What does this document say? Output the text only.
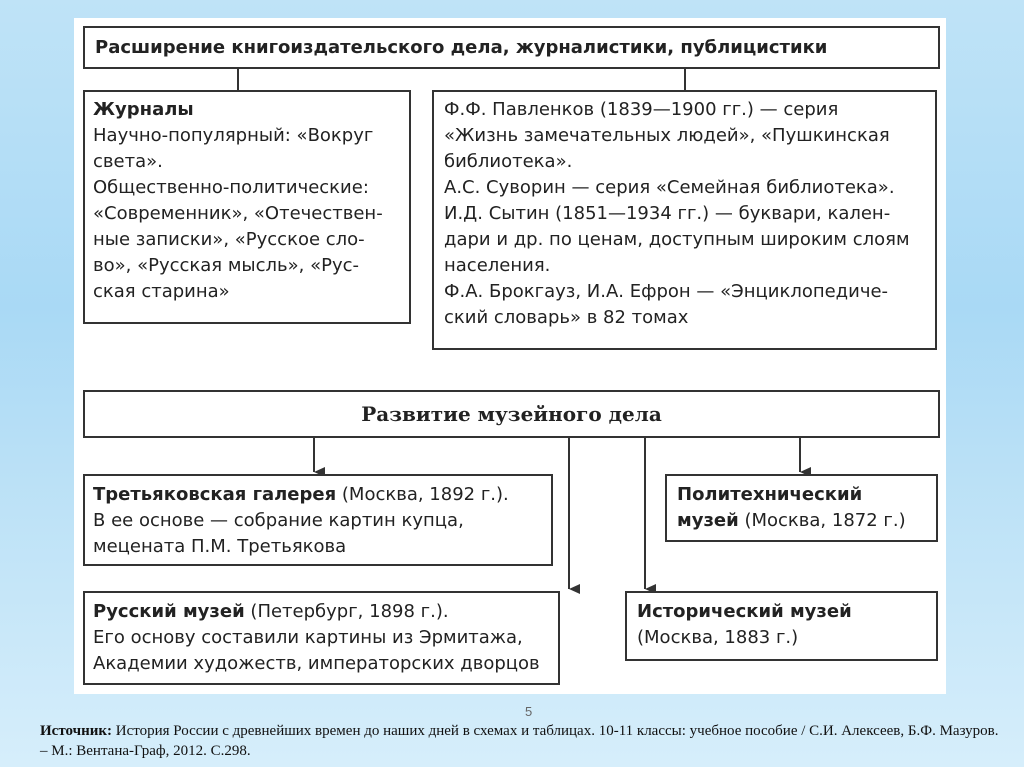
Расширение книгоиздательского дела, журналистики, публицистики

Журналы

Научно-популярный: «Вокруг

света».

Общественно-политические:

«Современник», «Отечествен-

ные записки», «Русское сло-

во», «Русская мысль», «Рус-

ская старина»

Ф.Ф. Павленков (1839—1900 гг.) — серия

«Жизнь замечательных людей», «Пушкинская

библиотека».

А.С. Суворин — серия «Семейная библиотека».

И.Д. Сытин (1851—1934 гг.) — буквари, кален-

дари и др. по ценам, доступным широким слоям

населения.

Ф.А. Брокгауз, И.А. Ефрон — «Энциклопедиче-

ский словарь» в 82 томах

Развитие музейного дела

Третьяковская галерея (Москва, 1892 г.).

В ее основе — собрание картин купца,

мецената П.М. Третьякова

Политехнический

музей (Москва, 1872 г.)

Русский музей (Петербург, 1898 г.).

Его основу составили картины из Эрмитажа,

Академии художеств, императорских дворцов

Исторический музей

(Москва, 1883 г.)

5
Источник: История России с древнейших времен до наших дней в схемах и таблицах. 10-11 классы: учебное пособие / С.И. Алексеев, Б.Ф. Мазуров. – М.: Вентана-Граф, 2012. С.298.
